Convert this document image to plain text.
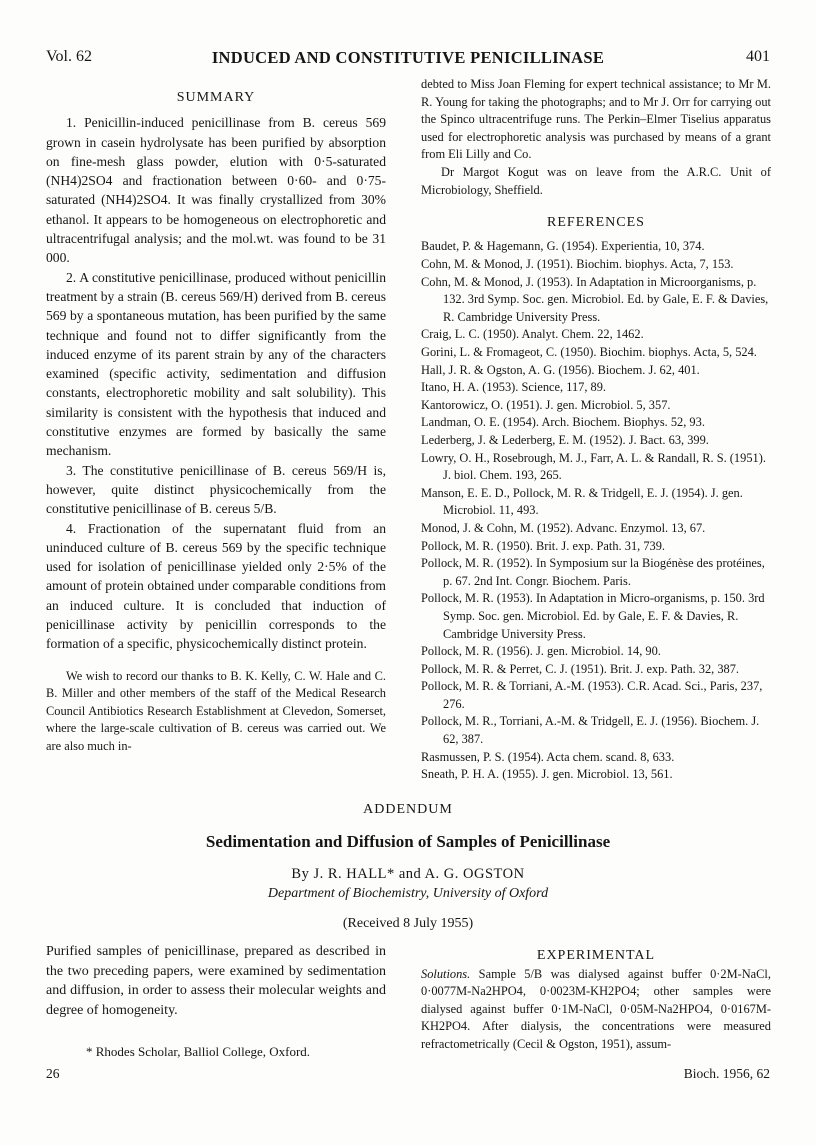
Vol. 62	INDUCED AND CONSTITUTIVE PENICILLINASE	401
SUMMARY

1. Penicillin-induced penicillinase from B. cereus 569 grown in casein hydrolysate has been purified by absorption on fine-mesh glass powder, elution with 0·5-saturated (NH4)2SO4 and fractionation between 0·60- and 0·75-saturated (NH4)2SO4. It was finally crystallized from 30% ethanol. It appears to be homogeneous on electrophoretic and ultracentrifugal analysis; and the mol.wt. was found to be 31 000.

2. A constitutive penicillinase, produced without penicillin treatment by a strain (B. cereus 569/H) derived from B. cereus 569 by a spontaneous mutation, has been purified by the same technique and found not to differ significantly from the induced enzyme of its parent strain by any of the characters examined (specific activity, sedimentation and diffusion constants, electrophoretic mobility and salt solubility). This similarity is consistent with the hypothesis that induced and constitutive enzymes are formed by basically the same mechanism.

3. The constitutive penicillinase of B. cereus 569/H is, however, quite distinct physicochemically from the constitutive penicillinase of B. cereus 5/B.

4. Fractionation of the supernatant fluid from an uninduced culture of B. cereus 569 by the specific technique used for isolation of penicillinase yielded only 2·5% of the amount of protein obtained under comparable conditions from an induced culture. It is concluded that induction of penicillinase activity by penicillin corresponds to the formation of a specific, physicochemically distinct protein.

We wish to record our thanks to B. K. Kelly, C. W. Hale and C. B. Miller and other members of the staff of the Medical Research Council Antibiotics Research Establishment at Clevedon, Somerset, where the large-scale cultivation of B. cereus was carried out. We are also much in-

debted to Miss Joan Fleming for expert technical assistance; to Mr M. R. Young for taking the photographs; and to Mr J. Orr for carrying out the Spinco ultracentrifuge runs. The Perkin–Elmer Tiselius apparatus used for electrophoretic analysis was purchased by means of a grant from Eli Lilly and Co.

Dr Margot Kogut was on leave from the A.R.C. Unit of Microbiology, Sheffield.

REFERENCES

Baudet, P. & Hagemann, G. (1954). Experientia, 10, 374.

Cohn, M. & Monod, J. (1951). Biochim. biophys. Acta, 7, 153.

Cohn, M. & Monod, J. (1953). In Adaptation in Microorganisms, p. 132. 3rd Symp. Soc. gen. Microbiol. Ed. by Gale, E. F. & Davies, R. Cambridge University Press.

Craig, L. C. (1950). Analyt. Chem. 22, 1462.

Gorini, L. & Fromageot, C. (1950). Biochim. biophys. Acta, 5, 524.

Hall, J. R. & Ogston, A. G. (1956). Biochem. J. 62, 401.

Itano, H. A. (1953). Science, 117, 89.

Kantorowicz, O. (1951). J. gen. Microbiol. 5, 357.

Landman, O. E. (1954). Arch. Biochem. Biophys. 52, 93.

Lederberg, J. & Lederberg, E. M. (1952). J. Bact. 63, 399.

Lowry, O. H., Rosebrough, M. J., Farr, A. L. & Randall, R. S. (1951). J. biol. Chem. 193, 265.

Manson, E. E. D., Pollock, M. R. & Tridgell, E. J. (1954). J. gen. Microbiol. 11, 493.

Monod, J. & Cohn, M. (1952). Advanc. Enzymol. 13, 67.

Pollock, M. R. (1950). Brit. J. exp. Path. 31, 739.

Pollock, M. R. (1952). In Symposium sur la Biogénèse des protéines, p. 67. 2nd Int. Congr. Biochem. Paris.

Pollock, M. R. (1953). In Adaptation in Micro-organisms, p. 150. 3rd Symp. Soc. gen. Microbiol. Ed. by Gale, E. F. & Davies, R. Cambridge University Press.

Pollock, M. R. (1956). J. gen. Microbiol. 14, 90.

Pollock, M. R. & Perret, C. J. (1951). Brit. J. exp. Path. 32, 387.

Pollock, M. R. & Torriani, A.-M. (1953). C.R. Acad. Sci., Paris, 237, 276.

Pollock, M. R., Torriani, A.-M. & Tridgell, E. J. (1956). Biochem. J. 62, 387.

Rasmussen, P. S. (1954). Acta chem. scand. 8, 633.

Sneath, P. H. A. (1955). J. gen. Microbiol. 13, 561.

ADDENDUM
Sedimentation and Diffusion of Samples of Penicillinase
By J. R. HALL* and A. G. OGSTON
Department of Biochemistry, University of Oxford
(Received 8 July 1955)
Purified samples of penicillinase, prepared as described in the two preceding papers, were examined by sedimentation and diffusion, in order to assess their molecular weights and degree of homogeneity.
EXPERIMENTAL
Solutions. Sample 5/B was dialysed against buffer 0·2M-NaCl, 0·0077M-Na2HPO4, 0·0023M-KH2PO4; other samples were dialysed against buffer 0·1M-NaCl, 0·05M-Na2HPO4, 0·0167M-KH2PO4. After dialysis, the concentrations were measured refractometrically (Cecil & Ogston, 1951), assum-
* Rhodes Scholar, Balliol College, Oxford.
26	Bioch. 1956, 62
